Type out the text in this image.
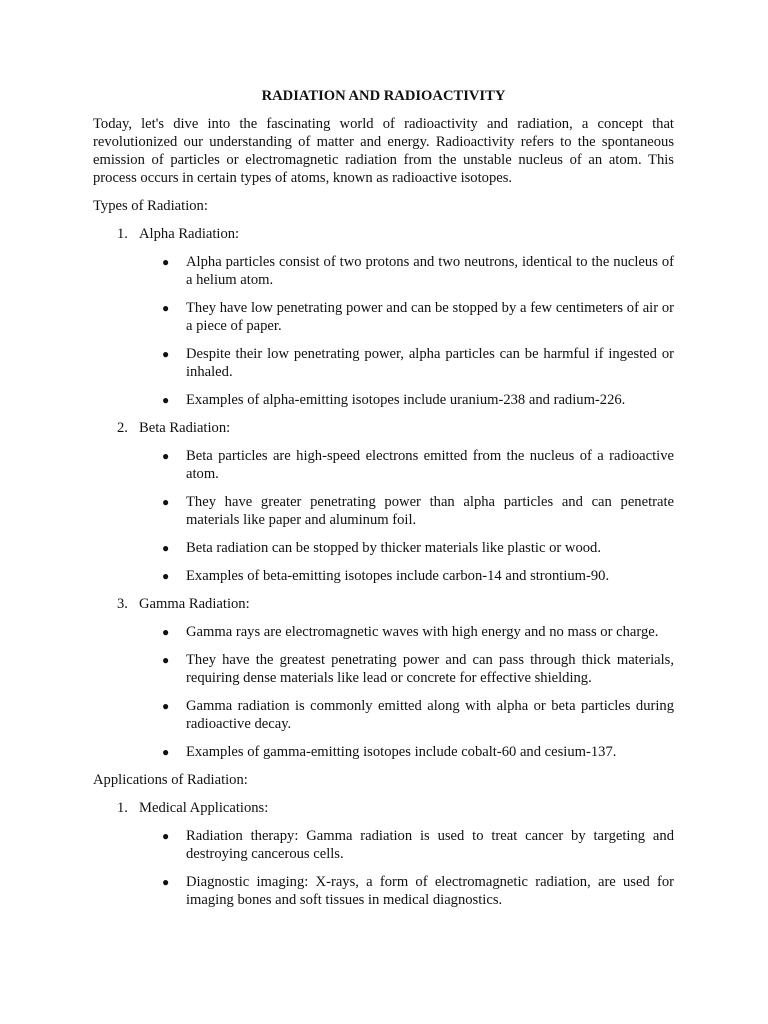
RADIATION AND RADIOACTIVITY

Today, let's dive into the fascinating world of radioactivity and radiation, a concept that revolutionized our understanding of matter and energy. Radioactivity refers to the spontaneous emission of particles or electromagnetic radiation from the unstable nucleus of an atom. This process occurs in certain types of atoms, known as radioactive isotopes.

Types of Radiation:

1. Alpha Radiation:
● Alpha particles consist of two protons and two neutrons, identical to the nucleus of a helium atom.
● They have low penetrating power and can be stopped by a few centimeters of air or a piece of paper.
● Despite their low penetrating power, alpha particles can be harmful if ingested or inhaled.
● Examples of alpha-emitting isotopes include uranium-238 and radium-226.
2. Beta Radiation:
● Beta particles are high-speed electrons emitted from the nucleus of a radioactive atom.
● They have greater penetrating power than alpha particles and can penetrate materials like paper and aluminum foil.
● Beta radiation can be stopped by thicker materials like plastic or wood.
● Examples of beta-emitting isotopes include carbon-14 and strontium-90.
3. Gamma Radiation:
● Gamma rays are electromagnetic waves with high energy and no mass or charge.
● They have the greatest penetrating power and can pass through thick materials, requiring dense materials like lead or concrete for effective shielding.
● Gamma radiation is commonly emitted along with alpha or beta particles during radioactive decay.
● Examples of gamma-emitting isotopes include cobalt-60 and cesium-137.

Applications of Radiation:

1. Medical Applications:
● Radiation therapy: Gamma radiation is used to treat cancer by targeting and destroying cancerous cells.
● Diagnostic imaging: X-rays, a form of electromagnetic radiation, are used for imaging bones and soft tissues in medical diagnostics.
